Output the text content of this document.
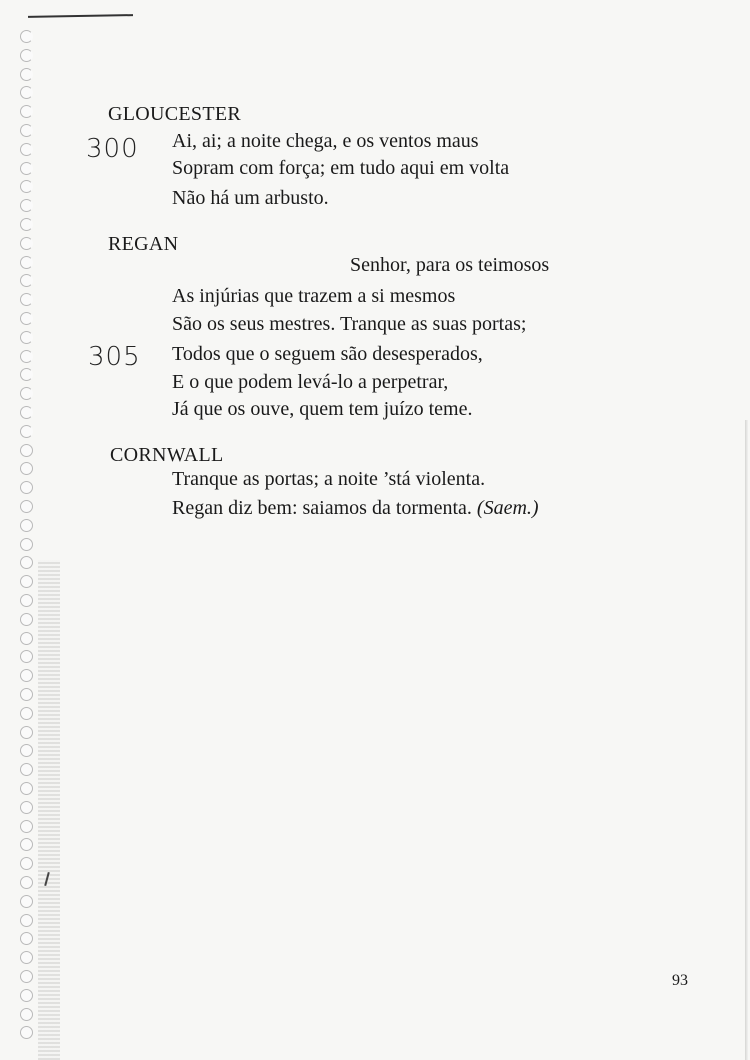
GLOUCESTER
300 Ai, ai; a noite chega, e os ventos maus
Sopram com força; em tudo aqui em volta
Não há um arbusto.
REGAN
Senhor, para os teimosos
As injúrias que trazem a si mesmos
São os seus mestres. Tranque as suas portas;
305 Todos que o seguem são desesperados,
E o que podem levá-lo a perpetrar,
Já que os ouve, quem tem juízo teme.
CORNWALL
Tranque as portas; a noite ’stá violenta.
Regan diz bem: saiamos da tormenta. (Saem.)
93
